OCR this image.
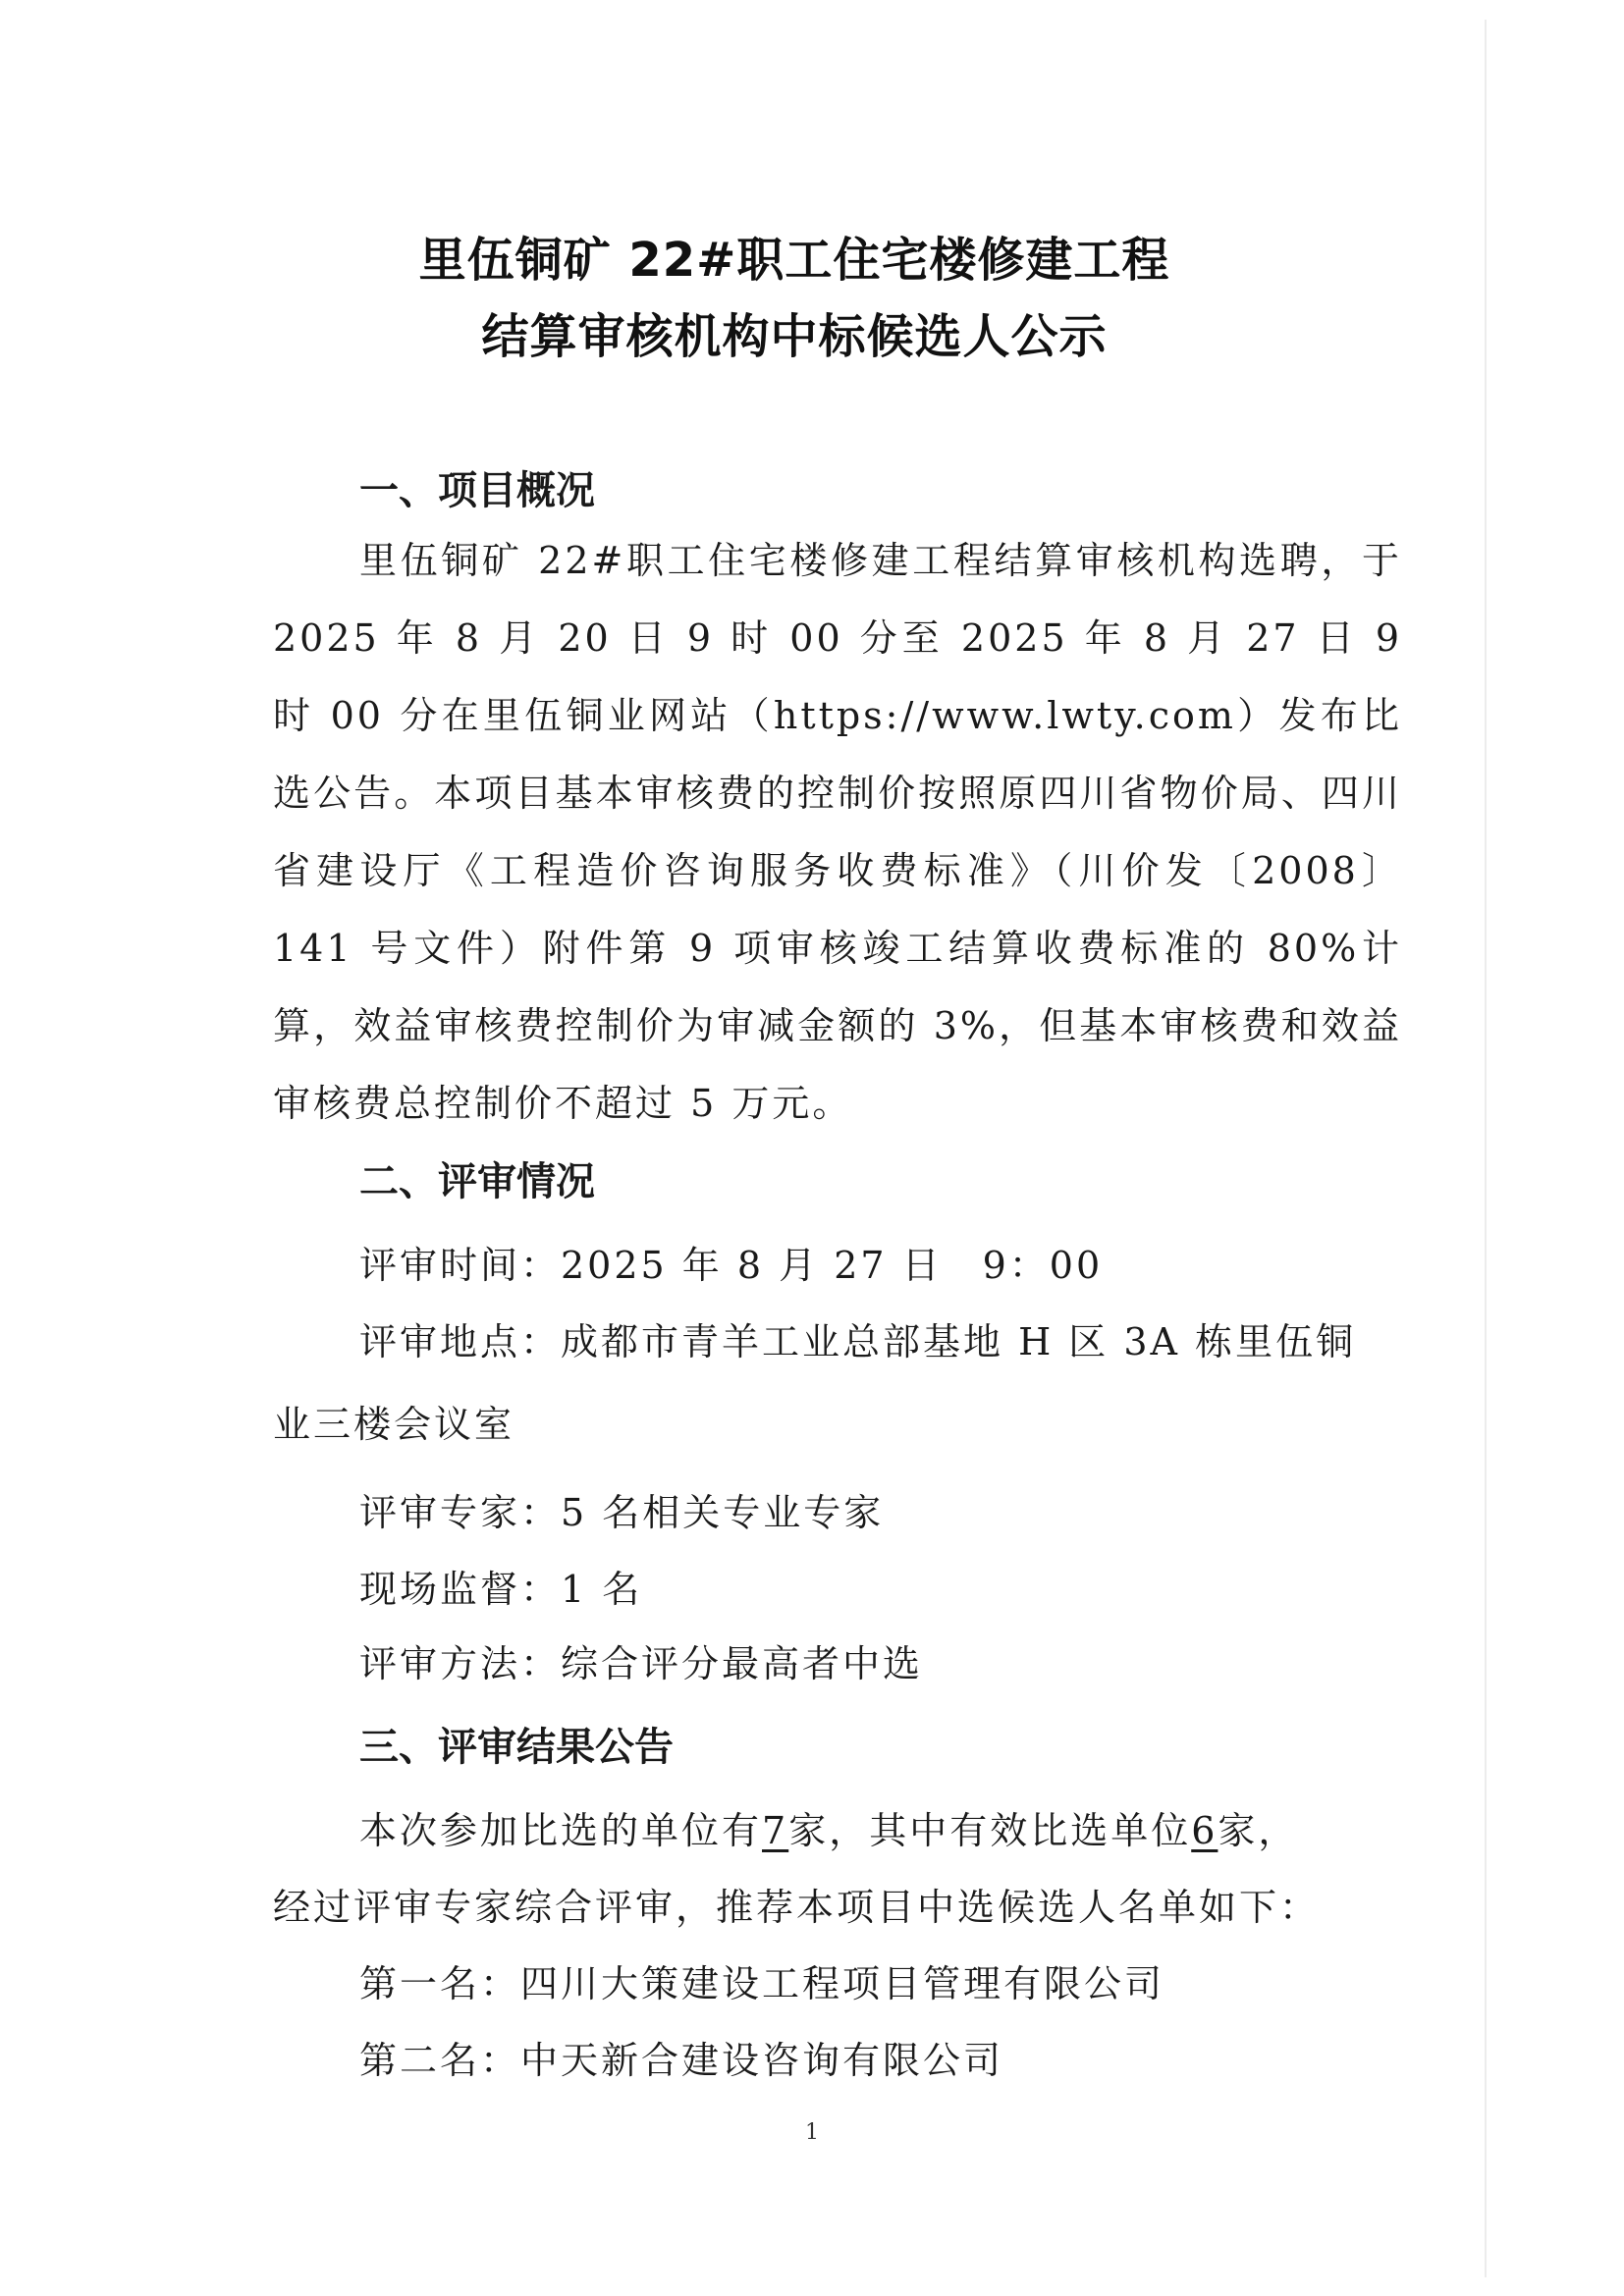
里伍铜矿 22#职工住宅楼修建工程
结算审核机构中标候选人公示
一、项目概况
里伍铜矿 22#职工住宅楼修建工程结算审核机构选聘，于 2025 年 8 月 20 日 9 时 00 分至 2025 年 8 月 27 日 9 时 00 分在里伍铜业网站（https://www.lwty.com）发布比选公告。本项目基本审核费的控制价按照原四川省物价局、四川省建设厅《工程造价咨询服务收费标准》（川价发〔2008〕141 号文件）附件第 9 项审核竣工结算收费标准的 80%计算，效益审核费控制价为审减金额的 3%，但基本审核费和效益审核费总控制价不超过 5 万元。
二、评审情况
评审时间：2025 年 8 月 27 日　9：00
评审地点：成都市青羊工业总部基地 H 区 3A 栋里伍铜
业三楼会议室
评审专家：5 名相关专业专家
现场监督：1 名
评审方法：综合评分最高者中选
三、评审结果公告
本次参加比选的单位有7家，其中有效比选单位6家，
经过评审专家综合评审，推荐本项目中选候选人名单如下：
第一名：四川大策建设工程项目管理有限公司
第二名：中天新合建设咨询有限公司
1
